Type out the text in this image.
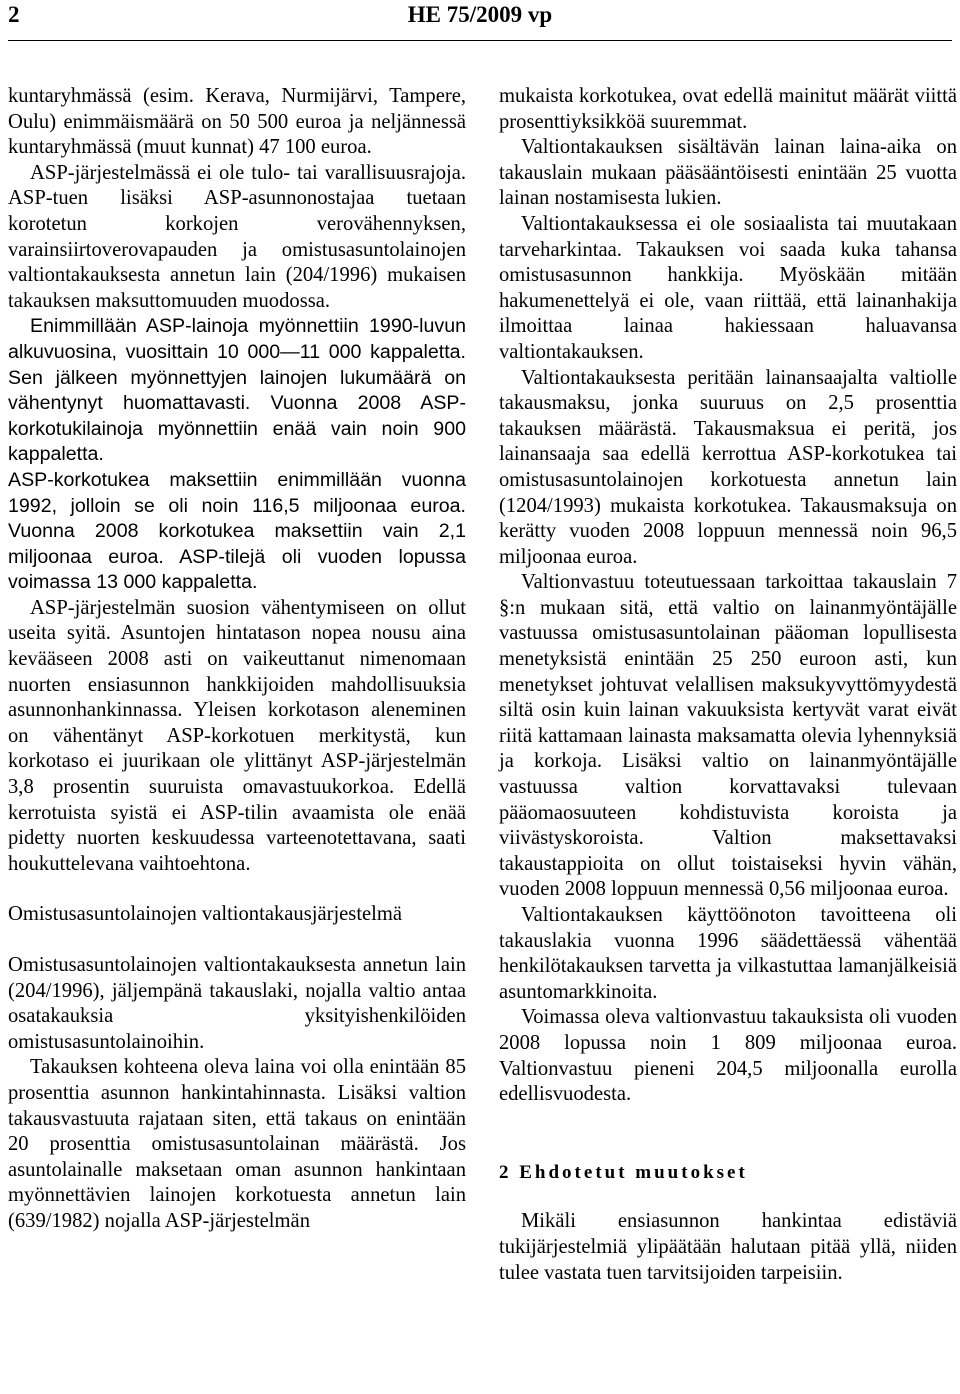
2	HE 75/2009 vp

kuntaryhmässä (esim. Kerava, Nurmijärvi, Tampere, Oulu) enimmäismäärä on 50 500 euroa ja neljännessä kuntaryhmässä (muut kunnat) 47 100 euroa.

ASP-järjestelmässä ei ole tulo- tai varallisuusrajoja. ASP-tuen lisäksi ASP-asunnonostajaa tuetaan korotetun korkojen verovähennyksen, varainsiirtoverovapauden ja omistusasuntolainojen valtiontakauksesta annetun lain (204/1996) mukaisen takauksen maksuttomuuden muodossa.

Enimmillään ASP-lainoja myönnettiin 1990-luvun alkuvuosina, vuosittain 10 000—11 000 kappaletta. Sen jälkeen myönnettyjen lainojen lukumäärä on vähentynyt huomattavasti. Vuonna 2008 ASP-korkotukilainoja myönnettiin enää vain noin 900 kappaletta.

ASP-korkotukea maksettiin enimmillään vuonna 1992, jolloin se oli noin 116,5 miljoonaa euroa. Vuonna 2008 korkotukea maksettiin vain 2,1 miljoonaa euroa. ASP-tilejä oli vuoden lopussa voimassa 13 000 kappaletta.

ASP-järjestelmän suosion vähentymiseen on ollut useita syitä. Asuntojen hintatason nopea nousu aina kevääseen 2008 asti on vaikeuttanut nimenomaan nuorten ensiasunnon hankkijoiden mahdollisuuksia asunnonhankinnassa. Yleisen korkotason aleneminen on vähentänyt ASP-korkotuen merkitystä, kun korkotaso ei juurikaan ole ylittänyt ASP-järjestelmän 3,8 prosentin suuruista omavastuukorkoa. Edellä kerrotuista syistä ei ASP-tilin avaamista ole enää pidetty nuorten keskuudessa varteenotettavana, saati houkuttelevana vaihtoehtona.

Omistusasuntolainojen valtiontakausjärjestelmä

Omistusasuntolainojen valtiontakauksesta annetun lain (204/1996), jäljempänä takauslaki, nojalla valtio antaa osatakauksia yksityishenkilöiden omistusasuntolainoihin.

Takauksen kohteena oleva laina voi olla enintään 85 prosenttia asunnon hankintahinnasta. Lisäksi valtion takausvastuuta rajataan siten, että takaus on enintään 20 prosenttia omistusasuntolainan määrästä. Jos asuntolainalle maksetaan oman asunnon hankintaan myönnettävien lainojen korkotuesta annetun lain (639/1982) nojalla ASP-järjestelmän

mukaista korkotukea, ovat edellä mainitut määrät viittä prosenttiyksikköä suuremmat.

Valtiontakauksen sisältävän lainan laina-aika on takauslain mukaan pääsääntöisesti enintään 25 vuotta lainan nostamisesta lukien.

Valtiontakauksessa ei ole sosiaalista tai muutakaan tarveharkintaa. Takauksen voi saada kuka tahansa omistusasunnon hankkija. Myöskään mitään hakumenettelyä ei ole, vaan riittää, että lainanhakija ilmoittaa lainaa hakiessaan haluavansa valtiontakauksen.

Valtiontakauksesta peritään lainansaajalta valtiolle takausmaksu, jonka suuruus on 2,5 prosenttia takauksen määrästä. Takausmaksua ei peritä, jos lainansaaja saa edellä kerrottua ASP-korkotukea tai omistusasuntolainojen korkotuesta annetun lain (1204/1993) mukaista korkotukea. Takausmaksuja on kerätty vuoden 2008 loppuun mennessä noin 96,5 miljoonaa euroa.

Valtionvastuu toteutuessaan tarkoittaa takauslain 7 §:n mukaan sitä, että valtio on lainanmyöntäjälle vastuussa omistusasuntolainan pääoman lopullisesta menetyksistä enintään 25 250 euroon asti, kun menetykset johtuvat velallisen maksukyvyttömyydestä siltä osin kuin lainan vakuuksista kertyvät varat eivät riitä kattamaan lainasta maksamatta olevia lyhennyksiä ja korkoja. Lisäksi valtio on lainanmyöntäjälle vastuussa valtion korvattavaksi tulevaan pääomaosuuteen kohdistuvista koroista ja viivästyskoroista. Valtion maksettavaksi takaustappioita on ollut toistaiseksi hyvin vähän, vuoden 2008 loppuun mennessä 0,56 miljoonaa euroa.

Valtiontakauksen käyttöönoton tavoitteena oli takauslakia vuonna 1996 säädettäessä vähentää henkilötakauksen tarvetta ja vilkastuttaa lamanjälkeisiä asuntomarkkinoita.

Voimassa oleva valtionvastuu takauksista oli vuoden 2008 lopussa noin 1 809 miljoonaa euroa. Valtionvastuu pieneni 204,5 miljoonalla eurolla edellisvuodesta.

2 Ehdotetut muutokset

Mikäli ensiasunnon hankintaa edistäviä tukijärjestelmiä ylipäätään halutaan pitää yllä, niiden tulee vastata tuen tarvitsijoiden tarpeisiin.
